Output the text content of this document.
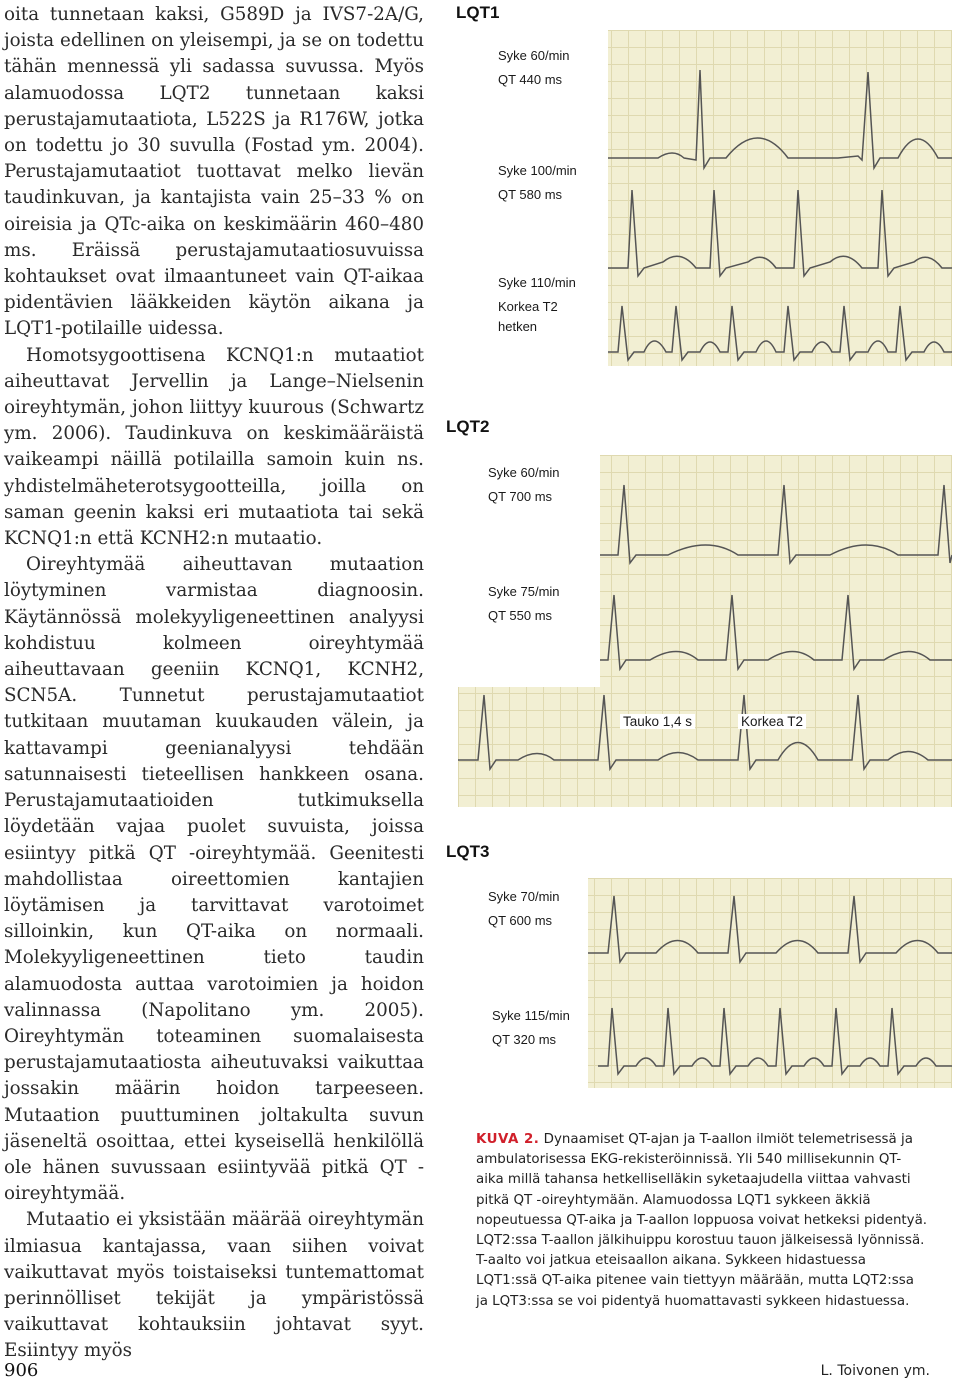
oita tunnetaan kaksi, G589D ja IVS7-2A/G, joista edellinen on yleisempi, ja se on todettu tähän mennessä yli sadassa suvussa. Myös alamuodossa LQT2 tunnetaan kaksi perustajamutaatiota, L522S ja R176W, jotka on todettu jo 30 suvulla (Fostad ym. 2004). Perustajamutaatiot tuottavat melko lievän taudinkuvan, ja kantajista vain 25–33 % on oireisia ja QTc-aika on keskimäärin 460–480 ms. Eräissä perustajamutaatiosuvuissa kohtaukset ovat ilmaantuneet vain QT-aikaa pidentävien lääkkeiden käytön aikana ja LQT1-potilaille uidessa.

Homotsygoottisena KCNQ1:n mutaatiot aiheuttavat Jervellin ja Lange–Nielsenin oireyhtymän, johon liittyy kuurous (Schwartz ym. 2006). Taudinkuva on keskimääräistä vaikeampi näillä potilailla samoin kuin ns. yhdistelmäheterotsygootteilla, joilla on saman geenin kaksi eri mutaatiota tai sekä KCNQ1:n että KCNH2:n mutaatio.

Oireyhtymää aiheuttavan mutaation löytyminen varmistaa diagnoosin. Käytännössä molekyyligeneettinen analyysi kohdistuu kolmeen oireyhtymää aiheuttavaan geeniin KCNQ1, KCNH2, SCN5A. Tunnetut perustajamutaatiot tutkitaan muutaman kuukauden välein, ja kattavampi geenianalyysi tehdään satunnaisesti tieteellisen hankkeen osana. Perustajamutaatioiden tutkimuksella löydetään vajaa puolet suvuista, joissa esiintyy pitkä QT -oireyhtymää. Geenitesti mahdollistaa oireettomien kantajien löytämisen ja tarvittavat varotoimet silloinkin, kun QT-aika on normaali. Molekyyligeneettinen tieto taudin alamuodosta auttaa varotoimien ja hoidon valinnassa (Napolitano ym. 2005). Oireyhtymän toteaminen suomalaisesta perustajamutaatiosta aiheutuvaksi vaikuttaa jossakin määrin hoidon tarpeeseen. Mutaation puuttuminen joltakulta suvun jäseneltä osoittaa, ettei kyseisellä henkilöllä ole hänen suvussaan esiintyvää pitkä QT -oireyhtymää.

Mutaatio ei yksistään määrää oireyhtymän ilmiasua kantajassa, vaan siihen voivat vaikuttavat myös toistaiseksi tuntemattomat perinnölliset tekijät ja ympäristössä vaikuttavat kohtauksiin johtavat syyt. Esiintyy myös

LQT1
Syke 60/min
QT 440 ms
Syke 100/min
QT 580 ms
Syke 110/min
Korkea T2
hetken
LQT2
Syke 60/min
QT 700 ms
Syke 75/min
QT 550 ms
Tauko 1,4 s	Korkea T2
LQT3
Syke 70/min
QT 600 ms
Syke 115/min
QT 320 ms
KUVA 2. Dynaamiset QT-ajan ja T-aallon ilmiöt telemetrisessä ja ambulatorisessa EKG-rekisteröinnissä. Yli 540 millisekunnin QT-aika millä tahansa hetkelliselläkin syketaajudella viittaa vahvasti pitkä QT -oireyhtymään. Alamuodossa LQT1 sykkeen äkkiä nopeutuessa QT-aika ja T-aallon loppuosa voivat hetkeksi pidentyä. LQT2:ssa T-aallon jälkihuippu korostuu tauon jälkeisessä lyönnissä. T-aalto voi jatkua eteisaallon aikana. Sykkeen hidastuessa LQT1:ssä QT-aika pitenee vain tiettyyn määrään, mutta LQT2:ssa ja LQT3:ssa se voi pidentyä huomattavasti sykkeen hidastuessa.
906	L. Toivonen ym.
